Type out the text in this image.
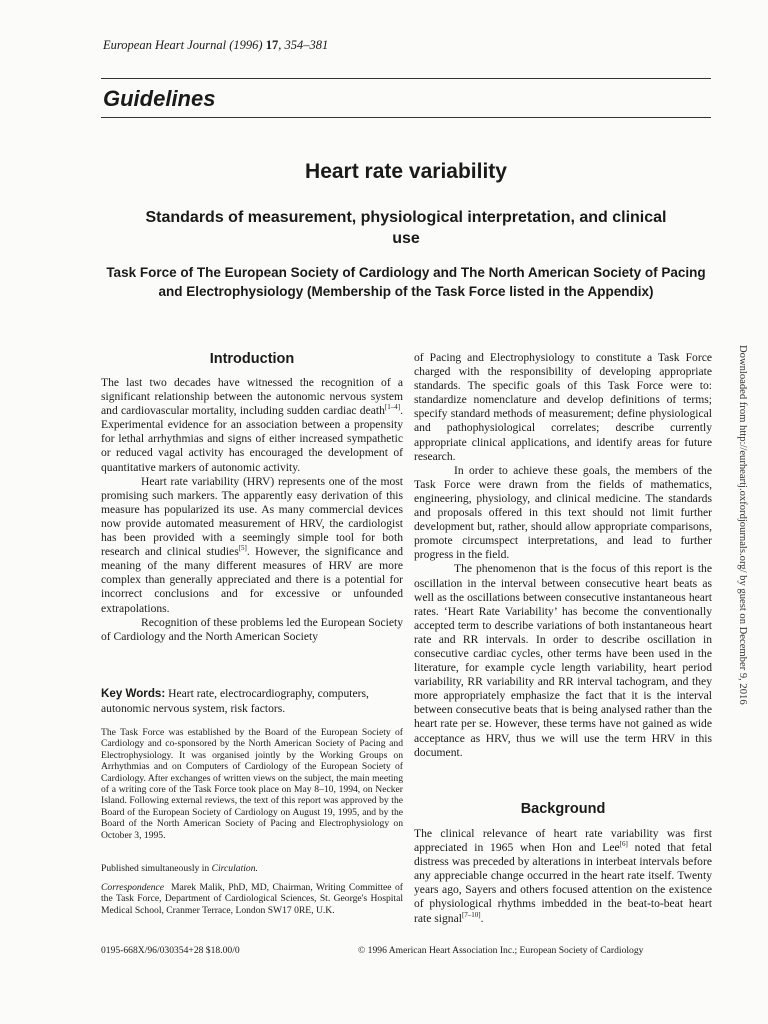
European Heart Journal (1996) 17, 354–381
Guidelines
Heart rate variability
Standards of measurement, physiological interpretation, and clinical use
Task Force of The European Society of Cardiology and The North American Society of Pacing and Electrophysiology (Membership of the Task Force listed in the Appendix)
Introduction

The last two decades have witnessed the recognition of a significant relationship between the autonomic nervous system and cardiovascular mortality, including sudden cardiac death[1–4]. Experimental evidence for an association between a propensity for lethal arrhythmias and signs of either increased sympathetic or reduced vagal activity has encouraged the development of quantitative markers of autonomic activity.

Heart rate variability (HRV) represents one of the most promising such markers. The apparently easy derivation of this measure has popularized its use. As many commercial devices now provide automated measurement of HRV, the cardiologist has been provided with a seemingly simple tool for both research and clinical studies[5]. However, the significance and meaning of the many different measures of HRV are more complex than generally appreciated and there is a potential for incorrect conclusions and for excessive or unfounded extrapolations.

Recognition of these problems led the European Society of Cardiology and the North American Society

Key Words: Heart rate, electrocardiography, computers, autonomic nervous system, risk factors.

The Task Force was established by the Board of the European Society of Cardiology and co-sponsored by the North American Society of Pacing and Electrophysiology. It was organised jointly by the Working Groups on Arrhythmias and on Computers of Cardiology of the European Society of Cardiology. After exchanges of written views on the subject, the main meeting of a writing core of the Task Force took place on May 8–10, 1994, on Necker Island. Following external reviews, the text of this report was approved by the Board of the European Society of Cardiology on August 19, 1995, and by the Board of the North American Society of Pacing and Electrophysiology on October 3, 1995.

Published simultaneously in Circulation.

Correspondence Marek Malik, PhD, MD, Chairman, Writing Committee of the Task Force, Department of Cardiological Sciences, St. George's Hospital Medical School, Cranmer Terrace, London SW17 0RE, U.K.

of Pacing and Electrophysiology to constitute a Task Force charged with the responsibility of developing appropriate standards. The specific goals of this Task Force were to: standardize nomenclature and develop definitions of terms; specify standard methods of measurement; define physiological and pathophysiological correlates; describe currently appropriate clinical applications, and identify areas for future research.

In order to achieve these goals, the members of the Task Force were drawn from the fields of mathematics, engineering, physiology, and clinical medicine. The standards and proposals offered in this text should not limit further development but, rather, should allow appropriate comparisons, promote circumspect interpretations, and lead to further progress in the field.

The phenomenon that is the focus of this report is the oscillation in the interval between consecutive heart beats as well as the oscillations between consecutive instantaneous heart rates. ‘Heart Rate Variability’ has become the conventionally accepted term to describe variations of both instantaneous heart rate and RR intervals. In order to describe oscillation in consecutive cardiac cycles, other terms have been used in the literature, for example cycle length variability, heart period variability, RR variability and RR interval tachogram, and they more appropriately emphasize the fact that it is the interval between consecutive beats that is being analysed rather than the heart rate per se. However, these terms have not gained as wide acceptance as HRV, thus we will use the term HRV in this document.

Background

The clinical relevance of heart rate variability was first appreciated in 1965 when Hon and Lee[6] noted that fetal distress was preceded by alterations in interbeat intervals before any appreciable change occurred in the heart rate itself. Twenty years ago, Sayers and others focused attention on the existence of physiological rhythms imbedded in the beat-to-beat heart rate signal[7–10].

0195-668X/96/030354+28 $18.00/0	© 1996 American Heart Association Inc.; European Society of Cardiology
Downloaded from http://eurheartj.oxfordjournals.org/ by guest on December 9, 2016
